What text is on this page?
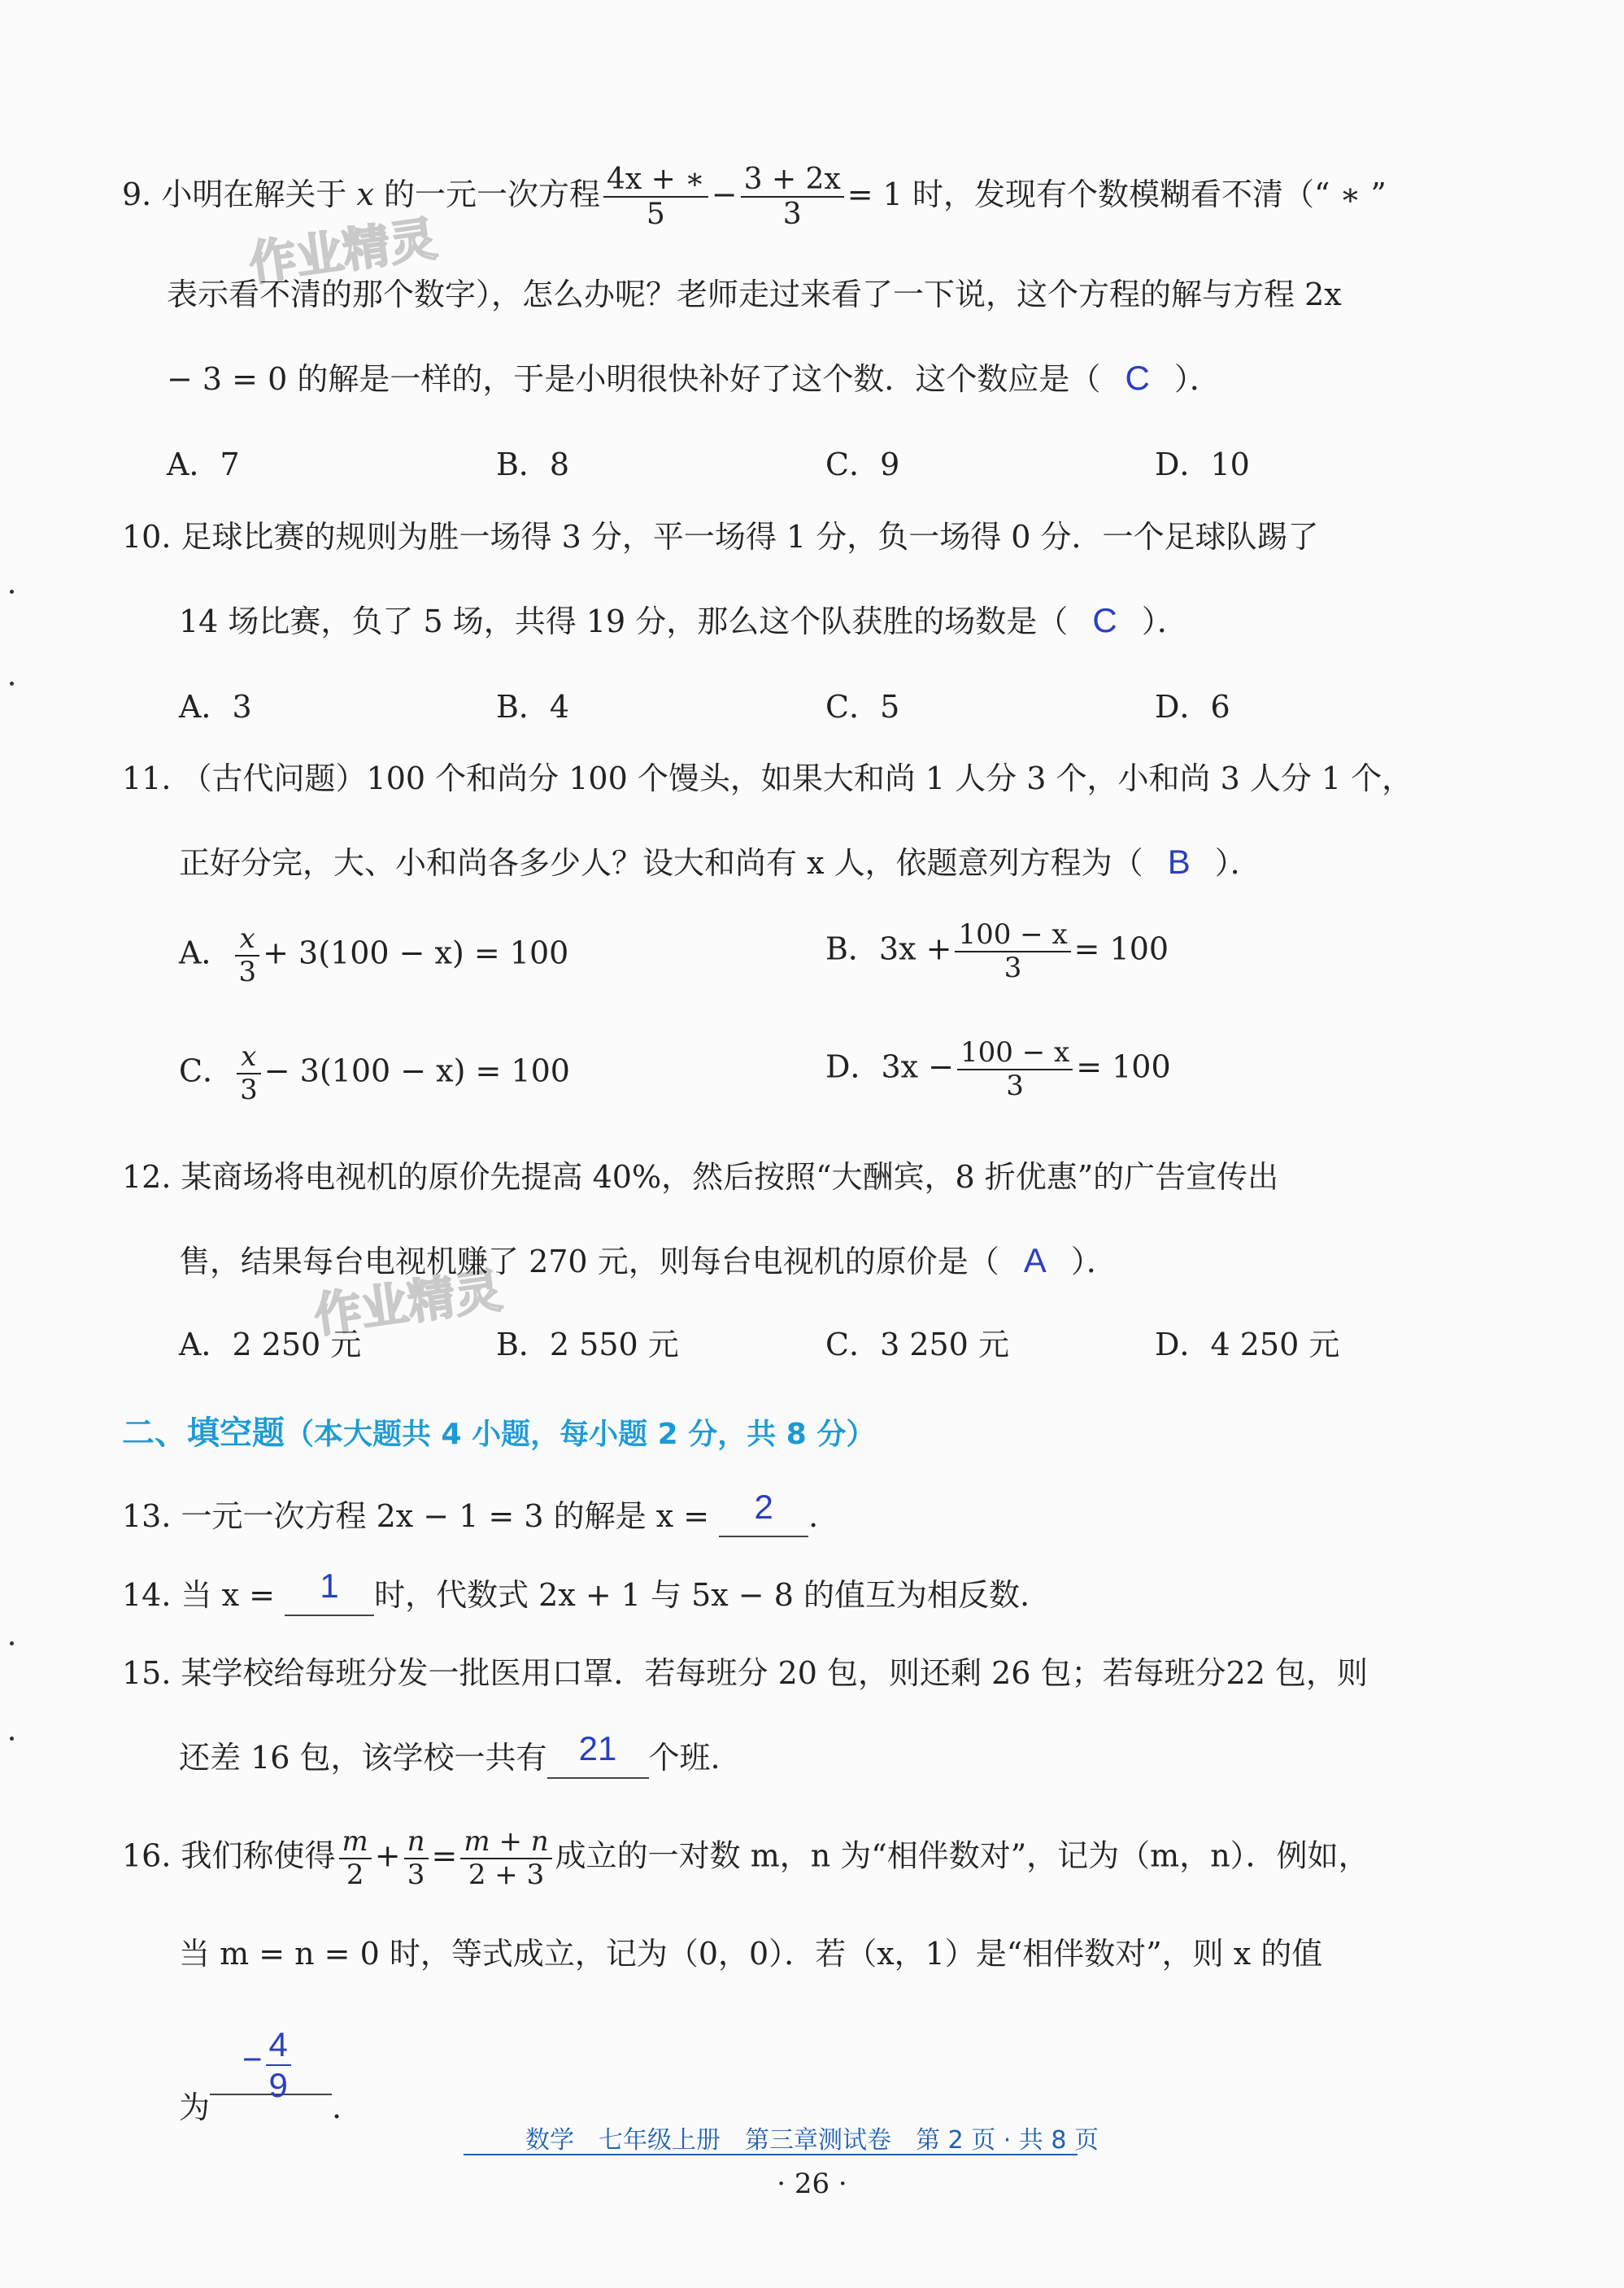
作业精灵
作业精灵
9. 小明在解关于 x 的一元一次方程 $\frac{4x + ∗}{5} - \frac{3 + 2x}{3} = 1$ 时，发现有个数模糊看不清（“ ∗ ”
表示看不清的那个数字），怎么办呢？老师走过来看了一下说，这个方程的解与方程 2x
− 3 = 0 的解是一样的，于是小明很快补好了这个数．这个数应是（ C ）．
A．7	B．8	C．9	D．10
10. 足球比赛的规则为胜一场得 3 分，平一场得 1 分，负一场得 0 分．一个足球队踢了
14 场比赛，负了 5 场，共得 19 分，那么这个队获胜的场数是（ C ）．
A．3	B．4	C．5	D．6
11. （古代问题）100 个和尚分 100 个馒头，如果大和尚 1 人分 3 个，小和尚 3 人分 1 个，
正好分完，大、小和尚各多少人？设大和尚有 x 人，依题意列方程为（ B ）．
A． $\frac{x}{3} + 3(100 - x) = 100$	B．$3x + \frac{100 - x}{3} = 100$
C． $\frac{x}{3} - 3(100 - x) = 100$	D．$3x - \frac{100 - x}{3} = 100$
12. 某商场将电视机的原价先提高 40%，然后按照“大酬宾，8 折优惠”的广告宣传出
售，结果每台电视机赚了 270 元，则每台电视机的原价是（ A ）．
A．2 250 元	B．2 550 元	C．3 250 元	D．4 250 元
二、填空题（本大题共 4 小题，每小题 2 分，共 8 分）
13. 一元一次方程 2x − 1 = 3 的解是 x = 2 .
14. 当 x = 1 时，代数式 2x + 1 与 5x − 8 的值互为相反数.
15. 某学校给每班分发一批医用口罩．若每班分 20 包，则还剩 26 包；若每班分22 包，则
还差 16 包，该学校一共有 21 个班.
16. 我们称使得 $\frac{m}{2} + \frac{n}{3} = \frac{m + n}{2 + 3}$ 成立的一对数 m，n 为“相伴数对”，记为（m，n）．例如，
当 m = n = 0 时，等式成立，记为（0，0）．若（x，1）是“相伴数对”，则 x 的值
为
− $\frac{4}{9}$
.
数学　七年级上册　第三章测试卷　第 2 页 · 共 8 页
· 26 ·
